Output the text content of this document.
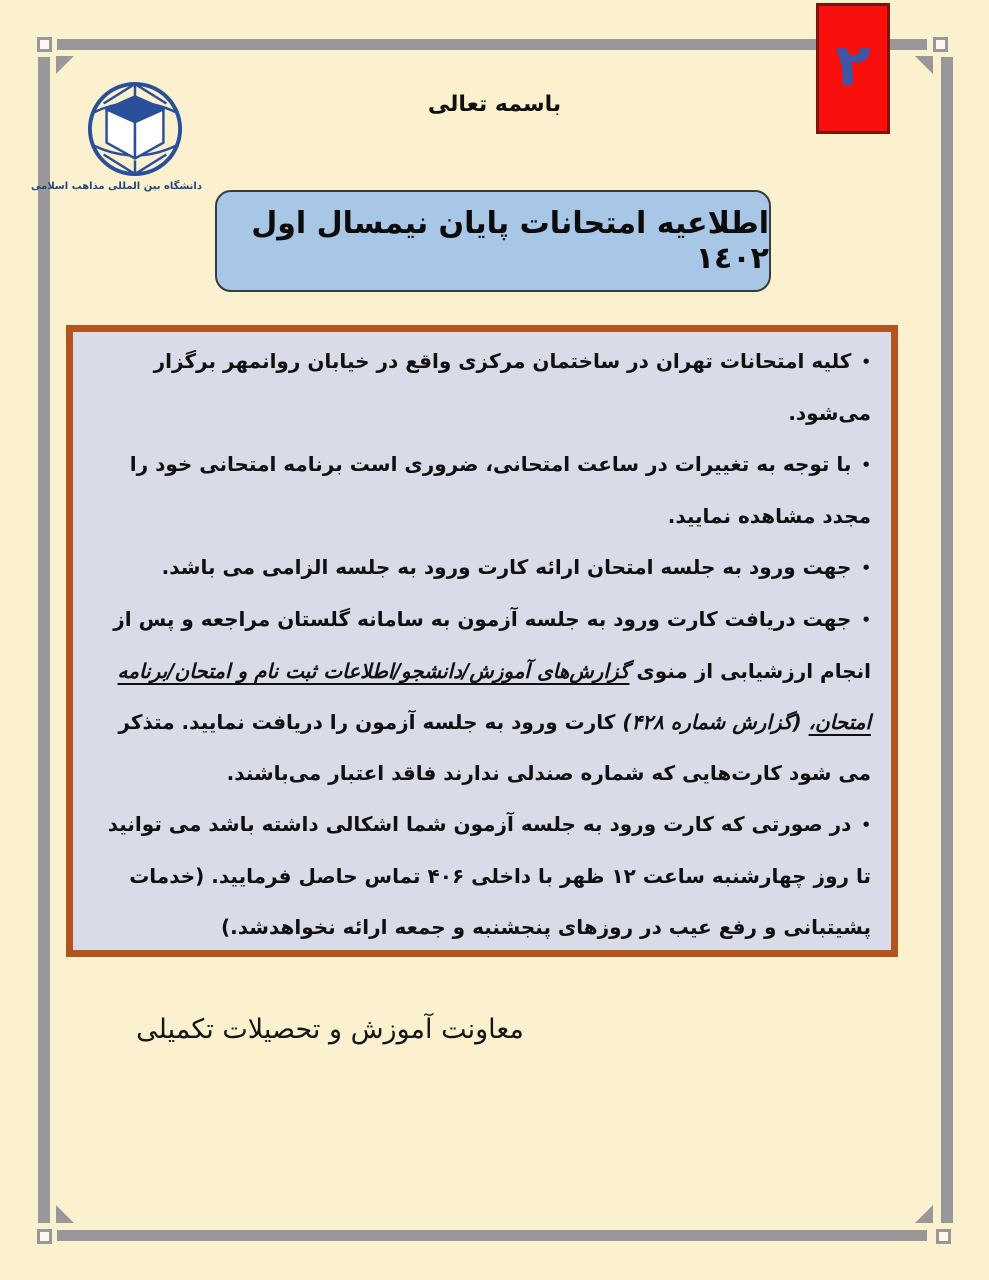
٢
دانشگاه بین المللی مذاهب اسلامی
باسمه تعالی
اطلاعیه امتحانات پایان نیمسال اول ١٤٠٢
•کلیه امتحانات تهران در ساختمان مرکزی واقع در خیابان روانمهر برگزار می‌شود.
•با توجه به تغییرات در ساعت امتحانی، ضروری است برنامه امتحانی خود را مجدد مشاهده نمایید.
•جهت ورود به جلسه امتحان ارائه کارت ورود به جلسه الزامی می باشد.
•جهت دریافت کارت ورود به جلسه آزمون به سامانه گلستان مراجعه و پس از انجام ارزشیابی از منوی گزارش‌های آموزش/دانشجو/اطلاعات ثبت نام و امتحان/برنامه امتحان، (گزارش شماره ۴۲۸) کارت ورود به جلسه آزمون را دریافت نمایید. متذکر می شود کارت‌هایی که شماره صندلی ندارند فاقد اعتبار می‌باشند.
•در صورتی که کارت ورود به جلسه آزمون شما اشکالی داشته باشد می توانید تا روز چهارشنبه ساعت ۱۲ ظهر با داخلی ۴۰۶ تماس حاصل فرمایید. (خدمات پشیتبانی و رفع عیب در روزهای پنجشنبه و جمعه ارائه نخواهدشد.)
معاونت آموزش و تحصیلات تکمیلی
